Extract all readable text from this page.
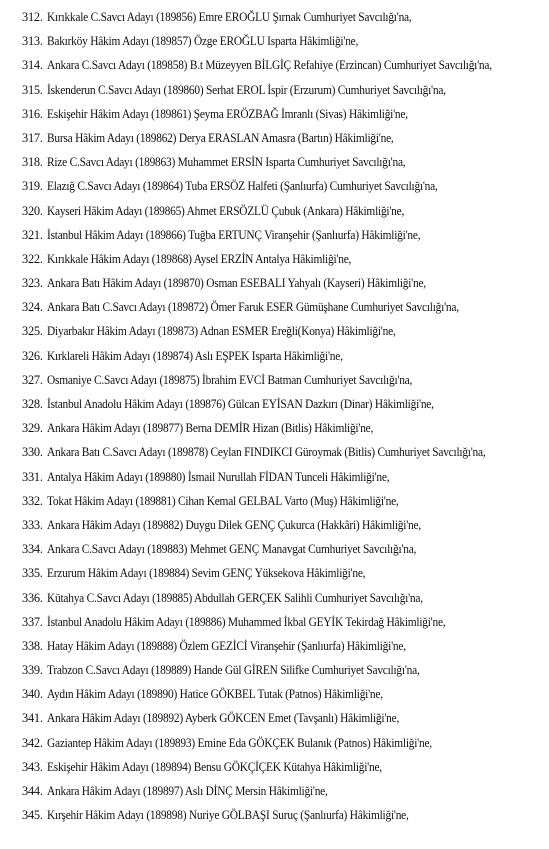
312. Kırıkkale C.Savcı Adayı (189856) Emre EROĞLU Şırnak Cumhuriyet Savcılığı'na,
313. Bakırköy Hâkim Adayı (189857) Özge EROĞLU Isparta Hâkimliği'ne,
314. Ankara C.Savcı Adayı (189858) B.t Müzeyyen BİLGİÇ Refahiye (Erzincan) Cumhuriyet Savcılığı'na,
315. İskenderun C.Savcı Adayı (189860) Serhat EROL İspir (Erzurum) Cumhuriyet Savcılığı'na,
316. Eskişehir Hâkim Adayı (189861) Şeyma ERÖZBAĞ İmranlı (Sivas) Hâkimliği'ne,
317. Bursa Hâkim Adayı (189862) Derya ERASLAN Amasra (Bartın) Hâkimliği'ne,
318. Rize C.Savcı Adayı (189863) Muhammet ERSİN Isparta Cumhuriyet Savcılığı'na,
319. Elazığ C.Savcı Adayı (189864) Tuba ERSÖZ Halfeti (Şanlıurfa) Cumhuriyet Savcılığı'na,
320. Kayseri Hâkim Adayı (189865) Ahmet ERSÖZLÜ Çubuk (Ankara) Hâkimliği'ne,
321. İstanbul Hâkim Adayı (189866) Tuğba ERTUNÇ Viranşehir (Şanlıurfa) Hâkimliği'ne,
322. Kırıkkale Hâkim Adayı (189868) Aysel ERZİN Antalya Hâkimliği'ne,
323. Ankara Batı Hâkim Adayı (189870) Osman ESEBALI Yahyalı (Kayseri) Hâkimliği'ne,
324. Ankara Batı C.Savcı Adayı (189872) Ömer Faruk ESER Gümüşhane Cumhuriyet Savcılığı'na,
325. Diyarbakır Hâkim Adayı (189873) Adnan ESMER Ereğli(Konya) Hâkimliği'ne,
326. Kırklareli Hâkim Adayı (189874) Aslı EŞPEK Isparta Hâkimliği'ne,
327. Osmaniye C.Savcı Adayı (189875) İbrahim EVCİ Batman Cumhuriyet Savcılığı'na,
328. İstanbul Anadolu Hâkim Adayı (189876) Gülcan EYİSAN Dazkırı (Dinar) Hâkimliği'ne,
329. Ankara Hâkim Adayı (189877) Berna DEMİR Hizan (Bitlis) Hâkimliği'ne,
330. Ankara Batı C.Savcı Adayı (189878) Ceylan FINDIKCI Güroymak (Bitlis) Cumhuriyet Savcılığı'na,
331. Antalya Hâkim Adayı (189880) İsmail Nurullah FİDAN Tunceli Hâkimliği'ne,
332. Tokat Hâkim Adayı (189881) Cihan Kemal GELBAL Varto (Muş) Hâkimliği'ne,
333. Ankara Hâkim Adayı (189882) Duygu Dilek GENÇ Çukurca (Hakkâri) Hâkimliği'ne,
334. Ankara C.Savcı Adayı (189883) Mehmet GENÇ Manavgat Cumhuriyet Savcılığı'na,
335. Erzurum Hâkim Adayı (189884) Sevim GENÇ Yüksekova Hâkimliği'ne,
336. Kütahya C.Savcı Adayı (189885) Abdullah GERÇEK Salihli Cumhuriyet Savcılığı'na,
337. İstanbul Anadolu Hâkim Adayı (189886) Muhammed İkbal GEYİK Tekirdağ Hâkimliği'ne,
338. Hatay Hâkim Adayı (189888) Özlem GEZİCİ Viranşehir (Şanlıurfa) Hâkimliği'ne,
339. Trabzon C.Savcı Adayı (189889) Hande Gül GİREN Silifke Cumhuriyet Savcılığı'na,
340. Aydın Hâkim Adayı (189890) Hatice GÖKBEL Tutak (Patnos) Hâkimliği'ne,
341. Ankara Hâkim Adayı (189892) Ayberk GÖKCEN Emet (Tavşanlı) Hâkimliği'ne,
342. Gaziantep Hâkim Adayı (189893) Emine Eda GÖKÇEK Bulanık (Patnos) Hâkimliği'ne,
343. Eskişehir Hâkim Adayı (189894) Bensu GÖKÇİÇEK Kütahya Hâkimliği'ne,
344. Ankara Hâkim Adayı (189897) Aslı DİNÇ Mersin Hâkimliği'ne,
345. Kırşehir Hâkim Adayı (189898) Nuriye GÖLBAŞI Suruç (Şanlıurfa) Hâkimliği'ne,
